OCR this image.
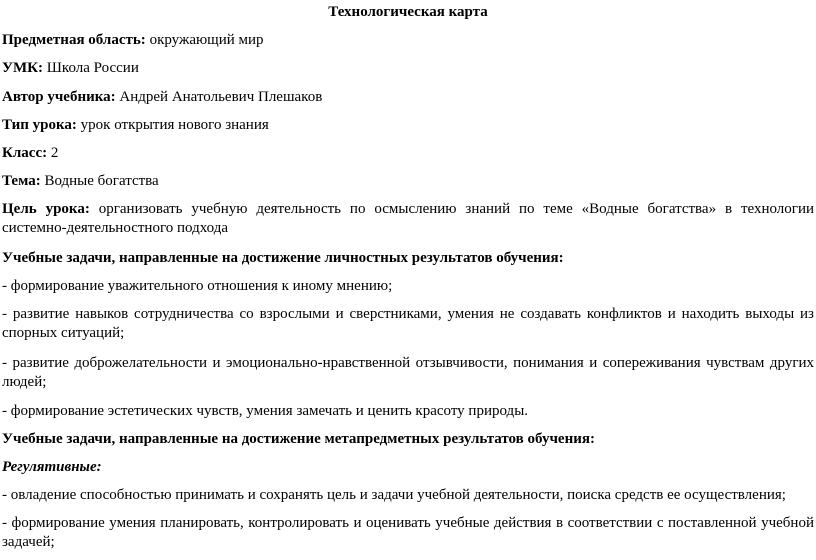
Технологическая карта

Предметная область: окружающий мир

УМК: Школа России

Автор учебника: Андрей Анатольевич Плешаков

Тип урока: урок открытия нового знания

Класс: 2

Тема: Водные богатства

Цель урока: организовать учебную деятельность по осмыслению знаний по теме «Водные богатства» в технологии системно-деятельностного подхода

Учебные задачи, направленные на достижение личностных результатов обучения:

- формирование уважительного отношения к иному мнению;

- развитие навыков сотрудничества со взрослыми и сверстниками, умения не создавать конфликтов и находить выходы из спорных ситуаций;

- развитие доброжелательности и эмоционально-нравственной отзывчивости, понимания и сопереживания чувствам других людей;

- формирование эстетических чувств, умения замечать и ценить красоту природы.

Учебные задачи, направленные на достижение метапредметных результатов обучения:

Регулятивные:

- овладение способностью принимать и сохранять цель и задачи учебной деятельности, поиска средств ее осуществления;

- формирование умения планировать, контролировать и оценивать учебные действия в соответствии с поставленной учебной задачей;
